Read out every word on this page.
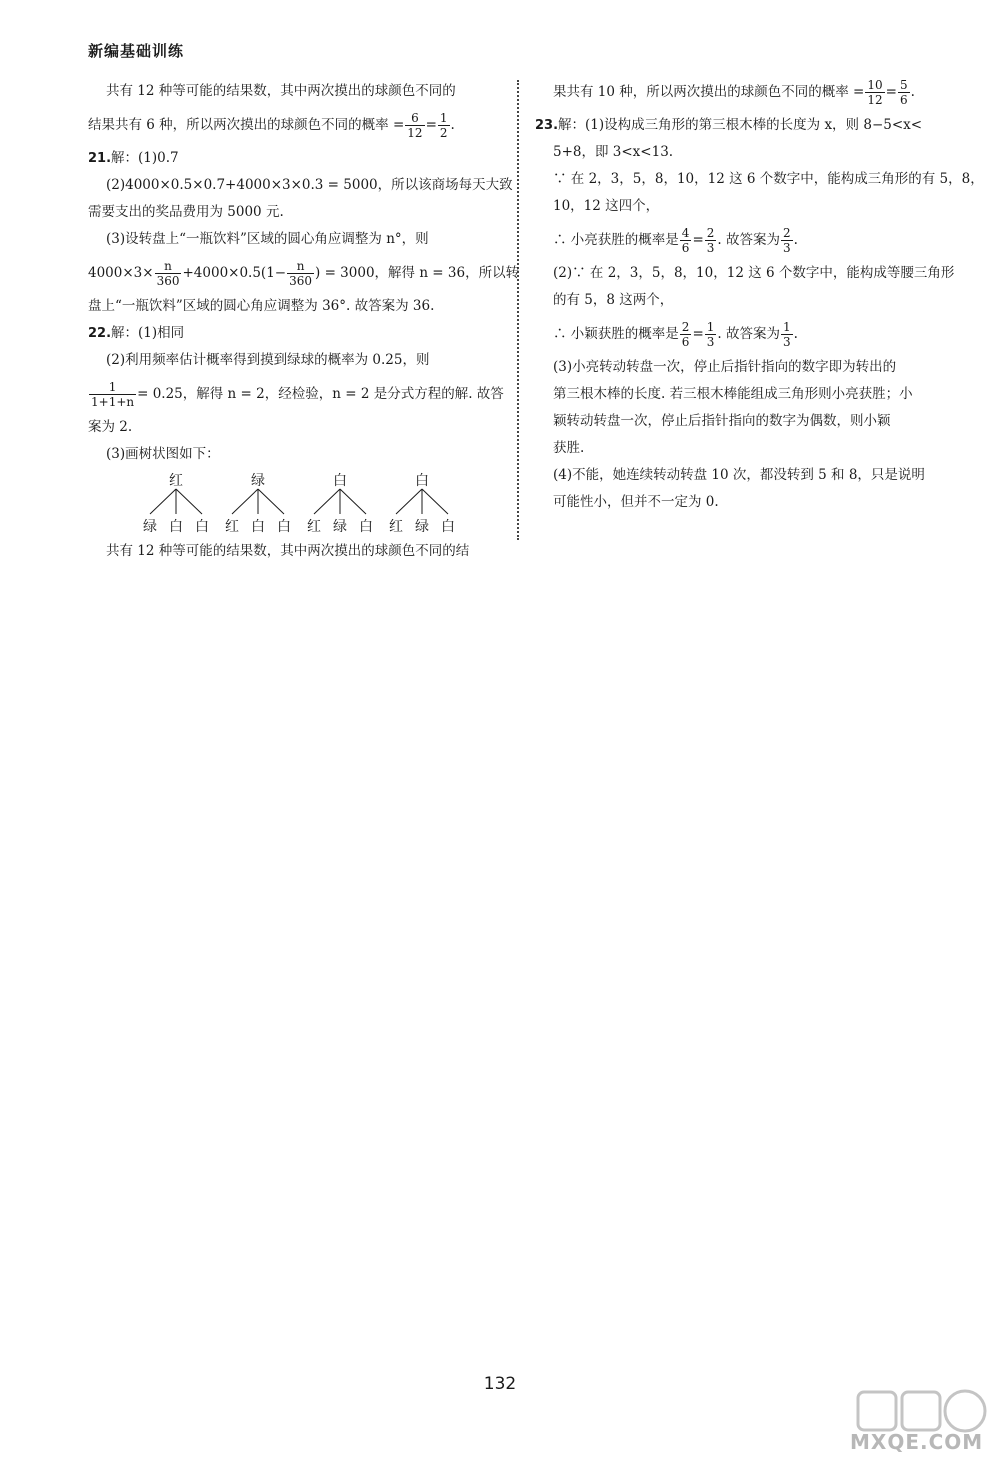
新编基础训练
共有 12 种等可能的结果数，其中两次摸出的球颜色不同的
结果共有 6 种，所以两次摸出的球颜色不同的概率 = $\frac{6}{12} = \frac{1}{2}$ .
21.解：(1)0.7
(2)4000×0.5×0.7+4000×3×0.3 = 5000，所以该商场每天大致
需要支出的奖品费用为 5000 元.
(3)设转盘上“一瓶饮料”区域的圆心角应调整为 n°，则
$4000\times 3\times \frac{n}{360} +4000\times 0.5(1- \frac{n}{360}$ ) = 3000，解得 n = 36，所以转
盘上“一瓶饮料”区域的圆心角应调整为 36°. 故答案为 36.
22.解：(1)相同
(2)利用频率估计概率得到摸到绿球的概率为 0.25，则
$\frac{1}{1+1+n} = 0.25$，解得 n = 2，经检验，n = 2 是分式方程的解. 故答
案为 2.
(3)画树状图如下：
红
绿 白 白
绿
红 白 白
白
红 绿 白
白
红 绿 白
共有 12 种等可能的结果数，其中两次摸出的球颜色不同的结
果共有 10 种，所以两次摸出的球颜色不同的概率 = $\frac{10}{12} = \frac{5}{6}$ .
23.解：(1)设构成三角形的第三根木棒的长度为 x，则 8−5<x<
5+8，即 3<x<13.
∵ 在 2，3，5，8，10，12 这 6 个数字中，能构成三角形的有 5，8，
10，12 这四个，
∴ 小亮获胜的概率是 $\frac{4}{6} = \frac{2}{3}$ . 故答案为 $\frac{2}{3}$ .
(2)∵ 在 2，3，5，8，10，12 这 6 个数字中，能构成等腰三角形
的有 5，8 这两个，
∴ 小颖获胜的概率是 $\frac{2}{6} = \frac{1}{3}$ . 故答案为 $\frac{1}{3}$ .
(3)小亮转动转盘一次，停止后指针指向的数字即为转出的
第三根木棒的长度. 若三根木棒能组成三角形则小亮获胜；小
颖转动转盘一次，停止后指针指向的数字为偶数，则小颖
获胜.
(4)不能，她连续转动转盘 10 次，都没转到 5 和 8，只是说明
可能性小，但并不一定为 0.
132
MXQE.COM
